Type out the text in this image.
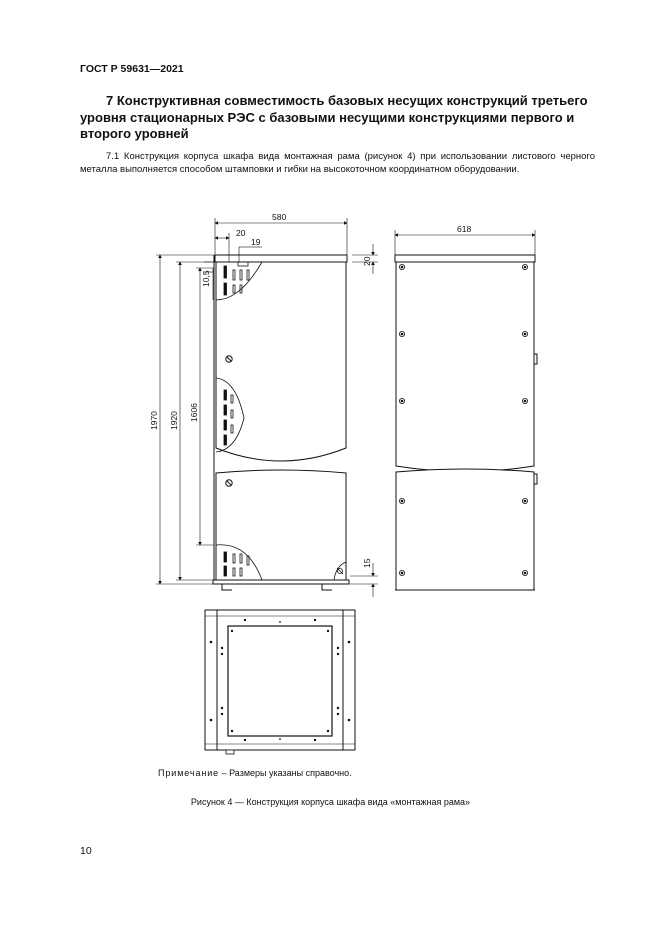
ГОСТ Р 59631—2021

7 Конструктивная совместимость базовых несущих конструкций третьего уровня стационарных РЭС с базовыми несущими конструкциями первого и второго уровней

7.1 Конструкция корпуса шкафа вида монтажная рама (рисунок 4) при использовании листового черного металла выполняется способом штамповки и гибки на высокоточном координатном оборудовании.

580
20
19
20
10,5
1970 1920 1606
15
618
Примечание – Размеры указаны справочно.
Рисунок 4 — Конструкция корпуса шкафа вида «монтажная рама»
10
